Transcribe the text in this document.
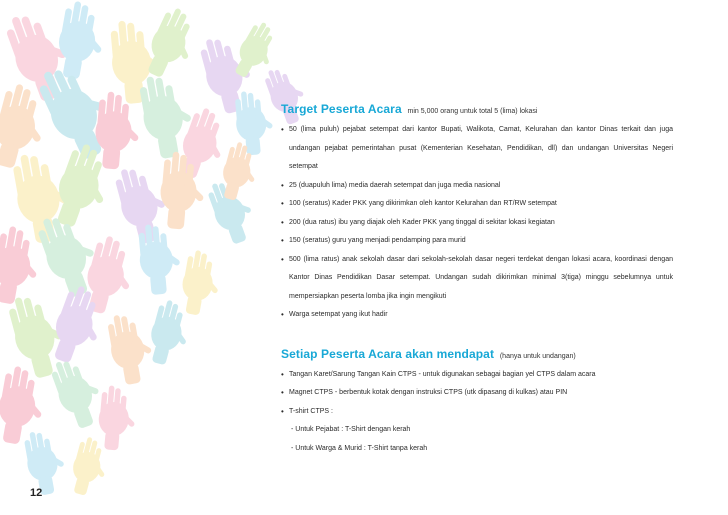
12
Target Peserta Acara min 5,000 orang untuk total 5 (lima) lokasi
• 50 (lima puluh) pejabat setempat dari kantor Bupati, Walikota, Camat, Kelurahan dan kantor Dinas terkait dan juga undangan pejabat pemerintahan pusat (Kementerian Kesehatan, Pendidikan, dll) dan undangan Universitas Negeri setempat
• 25 (duapuluh lima) media daerah setempat dan juga media nasional
• 100 (seratus) Kader PKK yang dikirimkan oleh kantor Kelurahan dan RT/RW setempat
• 200 (dua ratus) ibu yang diajak oleh Kader PKK yang tinggal di sekitar lokasi kegiatan
• 150 (seratus) guru yang menjadi pendamping para murid
• 500 (lima ratus) anak sekolah dasar dari sekolah-sekolah dasar negeri terdekat dengan lokasi acara, koordinasi dengan Kantor Dinas Pendidikan Dasar setempat. Undangan sudah dikirimkan minimal 3(tiga) minggu sebelumnya untuk mempersiapkan peserta lomba jika ingin mengikuti
• Warga setempat yang ikut hadir
Setiap Peserta Acara akan mendapat (hanya untuk undangan)
• Tangan Karet/Sarung Tangan Kain CTPS - untuk digunakan sebagai bagian yel CTPS dalam acara
• Magnet CTPS - berbentuk kotak dengan instruksi CTPS (utk dipasang di kulkas) atau PIN
• T-shirt CTPS :
- Untuk Pejabat : T-Shirt dengan kerah
- Untuk Warga & Murid : T-Shirt tanpa kerah
